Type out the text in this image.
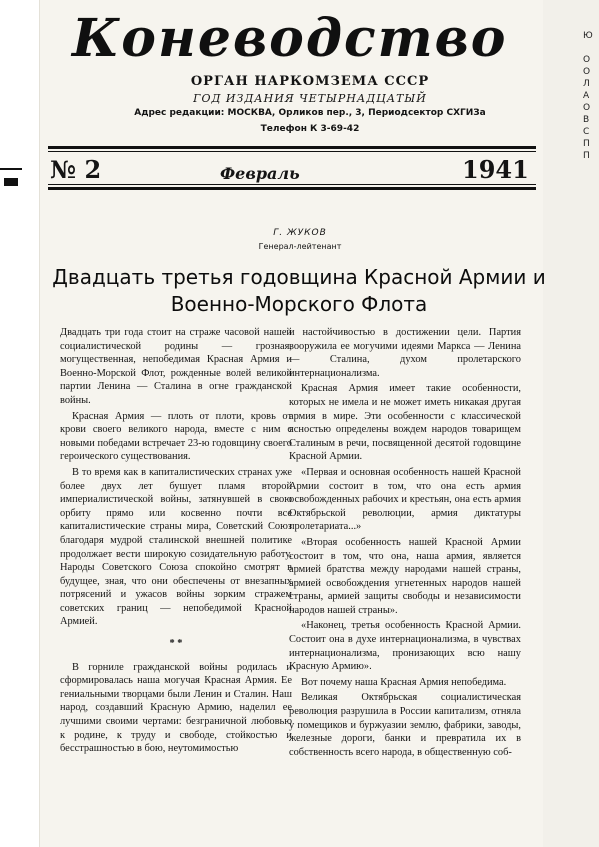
Ю

О
О
Л
А
О
В
С
П
П
Коневодство
ОРГАН НАРКОМЗЕМА СССР
ГОД ИЗДАНИЯ ЧЕТЫРНАДЦАТЫЙ
Адрес редакции: МОСКВА, Орликов пер., 3, Периодсектор СХГИЗа
Телефон К 3-69-42
№ 2	Февраль	1941
Г. ЖУКОВ
Генерал-лейтенант
Двадцать третья годовщина Красной Армии и Военно-Морского Флота

Двадцать три года стоит на страже часовой нашей социалистической родины — грозная, могущественная, непобедимая Красная Армия и Военно-Морской Флот, рожденные волей великой партии Ленина — Сталина в огне гражданской войны.

Красная Армия — плоть от плоти, кровь от крови своего великого народа, вместе с ним с новыми победами встречает 23-ю годовщину своего героического существования.

В то время как в капиталистических странах уже более двух лет бушует пламя второй империалистической войны, затянувшей в свою орбиту прямо или косвенно почти все капиталистические страны мира, Советский Союз благодаря мудрой сталинской внешней политике продолжает вести широкую созидательную работу. Народы Советского Союза спокойно смотрят в будущее, зная, что они обеспечены от внезапных потрясений и ужасов войны зорким стражем советских границ — непобедимой Красной Армией.

* *

В горниле гражданской войны родилась и сформировалась наша могучая Красная Армия. Ее гениальными творцами были Ленин и Сталин. Наш народ, создавший Красную Армию, наделил ее лучшими своими чертами: безграничной любовью к родине, к труду и свободе, стойкостью и бесстрашностью в бою, неутомимостью

и настойчивостью в достижении цели. Партия вооружила ее могучими идеями Маркса — Ленина — Сталина, духом пролетарского интернационализма.

Красная Армия имеет такие особенности, которых не имела и не может иметь никакая другая армия в мире. Эти особенности с классической ясностью определены вождем народов товарищем Сталиным в речи, посвященной десятой годовщине Красной Армии.

«Первая и основная особенность нашей Красной Армии состоит в том, что она есть армия освобожденных рабочих и крестьян, она есть армия Октябрьской революции, армия диктатуры пролетариата...»

«Вторая особенность нашей Красной Армии состоит в том, что она, наша армия, является армией братства между народами нашей страны, армией освобождения угнетенных народов нашей страны, армией защиты свободы и независимости народов нашей страны».

«Наконец, третья особенность Красной Армии. Состоит она в духе интернационализма, в чувствах интернационализма, пронизающих всю нашу Красную Армию».

Вот почему наша Красная Армия непобедима.

Великая Октябрьская социалистическая революция разрушила в России капитализм, отняла у помещиков и буржуазии землю, фабрики, заводы, железные дороги, банки и превратила их в собственность всего народа, в общественную соб-
